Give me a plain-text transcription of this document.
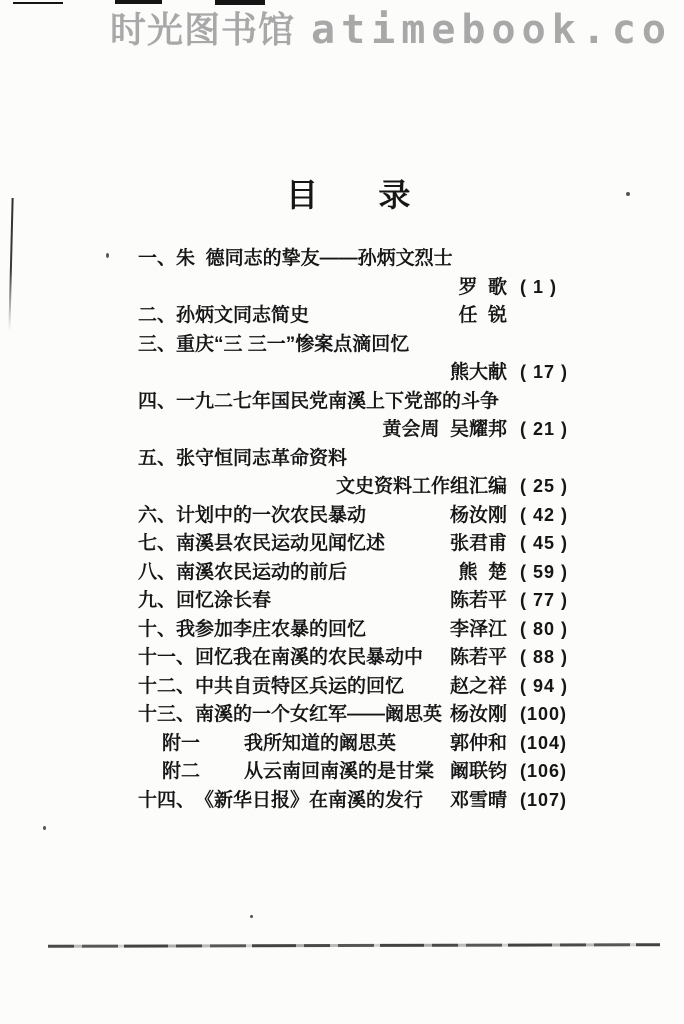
时光图书馆 atimebook.co
目      录
一、 朱  德同志的挚友——孙炳文烈士
罗  歌 ( 1 )
二、 孙炳文同志简史	任  锐
三、 重庆“三 三一”惨案点滴回忆
熊大献 ( 17 )
四、 一九二七年国民党南溪上下党部的斗争
黄会周  吴耀邦 ( 21 )
五、 张守恒同志革命资料
文史资料工作组汇编 ( 25 )
六、 计划中的一次农民暴动	杨汝刚 ( 42 )
七、 南溪县农民运动见闻忆述	张君甫 ( 45 )
八、 南溪农民运动的前后	熊  楚 ( 59 )
九、 回忆涂长春	陈若平 ( 77 )
十、 我参加李庄农暴的回忆	李泽江 ( 80 )
十一、 回忆我在南溪的农民暴动中 陈若平 ( 88 )
十二、 中共自贡特区兵运的回忆 赵之祥 ( 94 )
十三、 南溪的一个女红军——阚思英 杨汝刚 (100)
附一 我所知道的阚思英	郭仲和 (104)
附二 从云南回南溪的是甘棠 阚联钧 (106)
十四、 《新华日报》在南溪的发行 邓雪晴 (107)
